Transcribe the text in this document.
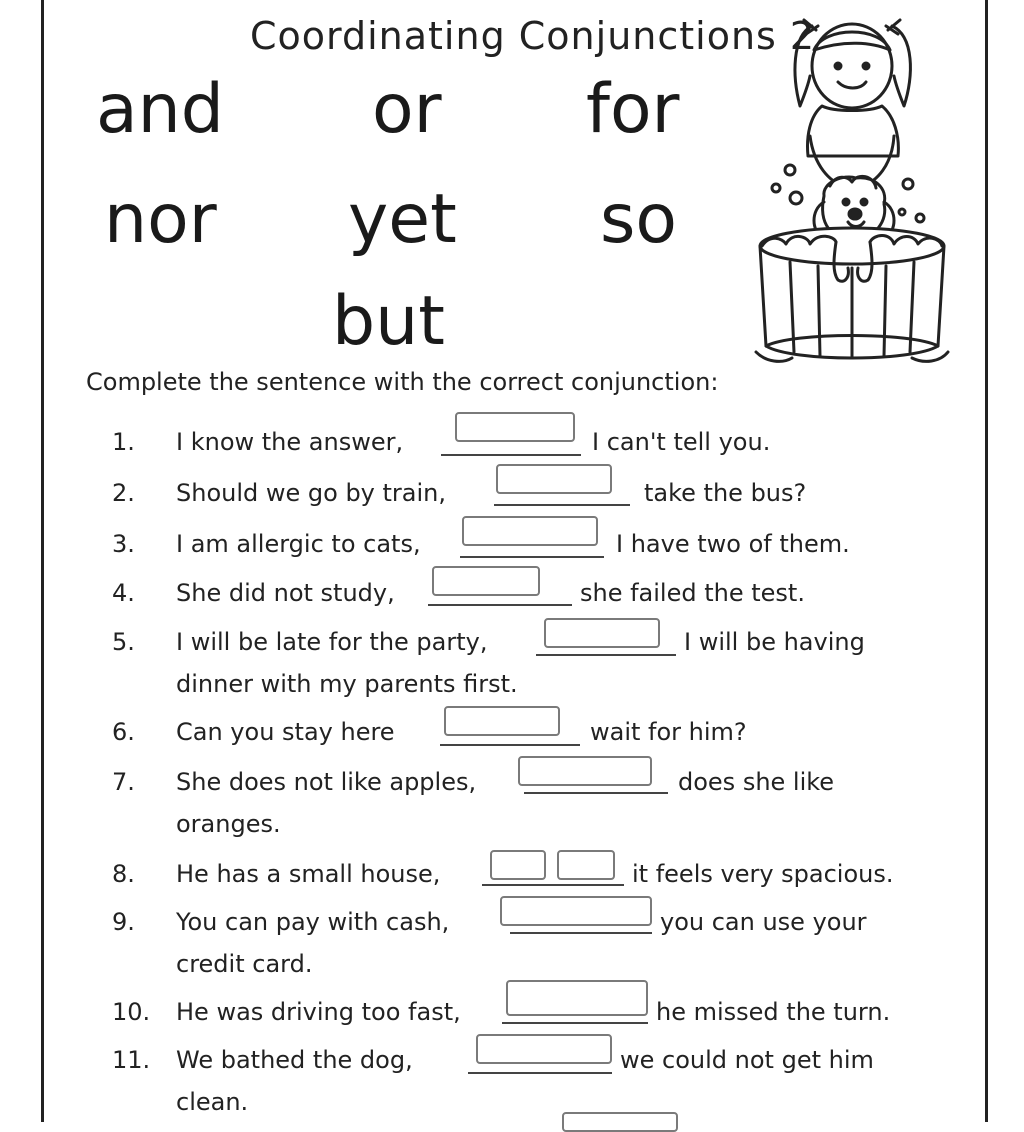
Coordinating Conjunctions 2
and or for
nor yet so
but
Complete the sentence with the correct conjunction:
1. I know the answer,	I can't tell you.
2. Should we go by train,	take the bus?
3. I am allergic to cats,	I have two of them.
4. She did not study,	she failed the test.
5. I will be late for the party,	I will be having
dinner with my parents first.
6. Can you stay here	wait for him?
7. She does not like apples,	does she like
oranges.
8. He has a small house,	it feels very spacious.
9. You can pay with cash,	you can use your
credit card.
10. He was driving too fast,	he missed the turn.
11. We bathed the dog,	we could not get him
clean.
